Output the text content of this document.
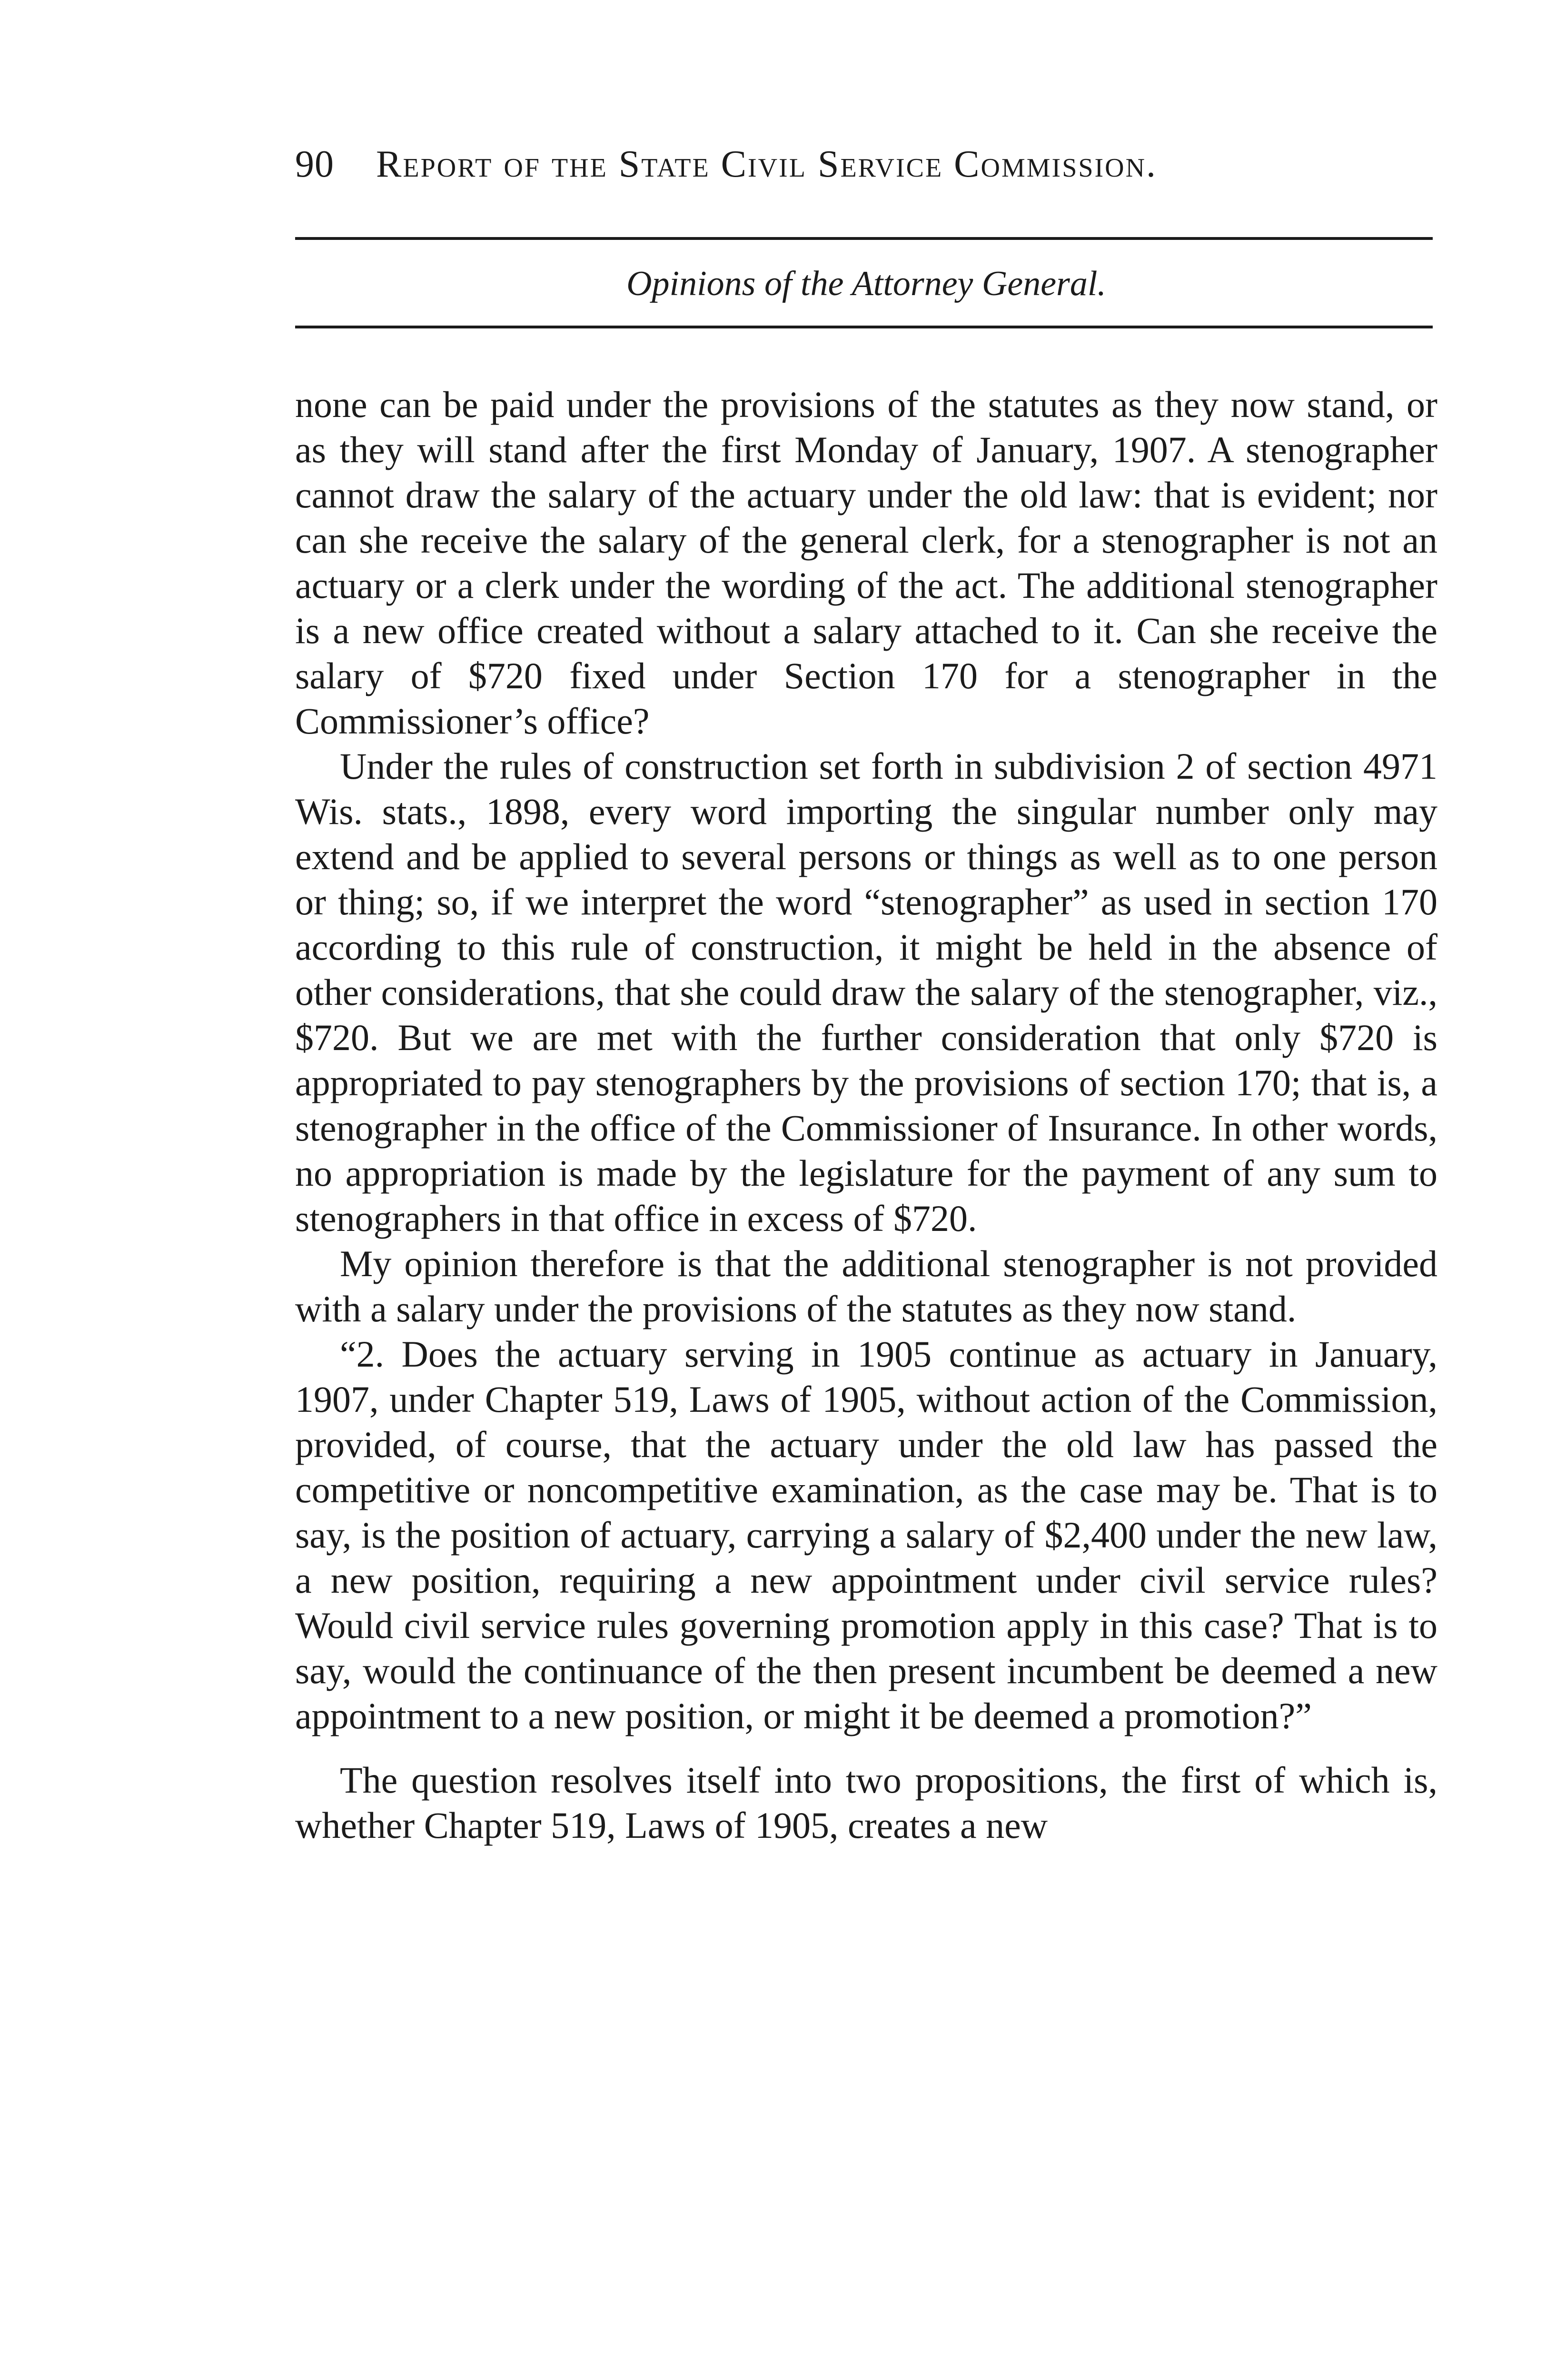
90	Report of the State Civil Service Commission.
Opinions of the Attorney General.

none can be paid under the provisions of the statutes as they now stand, or as they will stand after the first Monday of January, 1907. A stenographer cannot draw the salary of the actuary under the old law: that is evident; nor can she receive the salary of the general clerk, for a stenographer is not an actuary or a clerk under the wording of the act. The additional stenographer is a new office created without a salary attached to it. Can she receive the salary of $720 fixed under Section 170 for a stenographer in the Commissioner’s office?

Under the rules of construction set forth in subdivision 2 of section 4971 Wis. stats., 1898, every word importing the singular number only may extend and be applied to several persons or things as well as to one person or thing; so, if we interpret the word “stenographer” as used in section 170 according to this rule of construction, it might be held in the absence of other considerations, that she could draw the salary of the stenographer, viz., $720. But we are met with the further consideration that only $720 is appropriated to pay stenographers by the provisions of section 170; that is, a stenographer in the office of the Commissioner of Insurance. In other words, no appropriation is made by the legislature for the payment of any sum to stenographers in that office in excess of $720.

My opinion therefore is that the additional stenographer is not provided with a salary under the provisions of the statutes as they now stand.

“2. Does the actuary serving in 1905 continue as actuary in January, 1907, under Chapter 519, Laws of 1905, without action of the Commission, provided, of course, that the actuary under the old law has passed the competitive or noncompetitive examination, as the case may be. That is to say, is the position of actuary, carrying a salary of $2,400 under the new law, a new position, requiring a new appointment under civil service rules? Would civil service rules governing promotion apply in this case? That is to say, would the continuance of the then present incumbent be deemed a new appointment to a new position, or might it be deemed a promotion?”

The question resolves itself into two propositions, the first of which is, whether Chapter 519, Laws of 1905, creates a new
